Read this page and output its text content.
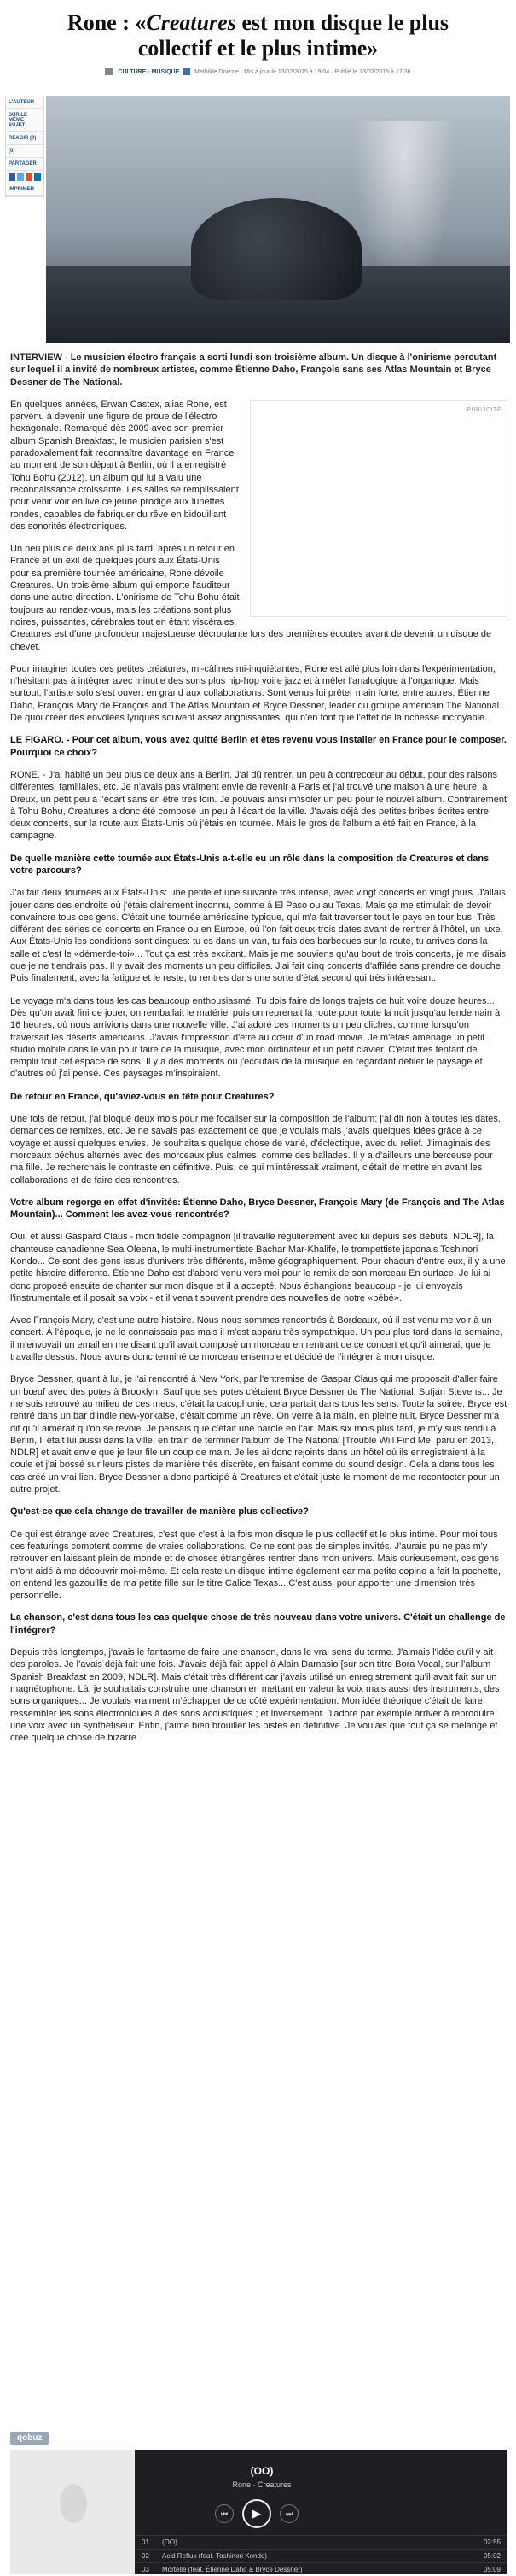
Rone : «Creatures est mon disque le plus collectif et le plus intime»
CULTURE › MUSIQUE	Mathilde Doiezie · Mis à jour le 13/02/2015 à 19:04 · Publié le 13/02/2015 à 17:36
L'AUTEUR
SUR LE MÊME SUJET
RÉAGIR (0)
(0)
PARTAGER
IMPRIMER

INTERVIEW - Le musicien électro français a sorti lundi son troisième album. Un disque à l'onirisme percutant sur lequel il a invité de nombreux artistes, comme Étienne Daho, François sans ses Atlas Mountain et Bryce Dessner de The National.

PUBLICITÉ

En quelques années, Erwan Castex, alias Rone, est parvenu à devenir une figure de proue de l'électro hexagonale. Remarqué dès 2009 avec son premier album Spanish Breakfast, le musicien parisien s'est paradoxalement fait reconnaître davantage en France au moment de son départ à Berlin, où il a enregistré Tohu Bohu (2012), un album qui lui a valu une reconnaissance croissante. Les salles se remplissaient pour venir voir en live ce jeune prodige aux lunettes rondes, capables de fabriquer du rêve en bidouillant des sonorités électroniques.

Un peu plus de deux ans plus tard, après un retour en France et un exil de quelques jours aux États-Unis pour sa première tournée américaine, Rone dévoile Creatures. Un troisième album qui emporte l'auditeur dans une autre direction. L'onirisme de Tohu Bohu était toujours au rendez-vous, mais les créations sont plus noires, puissantes, cérébrales tout en étant viscérales. Creatures est d'une profondeur majestueuse décroutante lors des premières écoutes avant de devenir un disque de chevet.

Pour imaginer toutes ces petites créatures, mi-câlines mi-inquiétantes, Rone est allé plus loin dans l'expérimentation, n'hésitant pas à intégrer avec minutie des sons plus hip-hop voire jazz et à mêler l'analogique à l'organique. Mais surtout, l'artiste solo s'est ouvert en grand aux collaborations. Sont venus lui prêter main forte, entre autres, Étienne Daho, François Mary de François and The Atlas Mountain et Bryce Dessner, leader du groupe américain The National. De quoi créer des envolées lyriques souvent assez angoissantes, qui n'en font que l'effet de la richesse incroyable.

LE FIGARO. - Pour cet album, vous avez quitté Berlin et êtes revenu vous installer en France pour le composer. Pourquoi ce choix?

RONE. - J'ai habité un peu plus de deux ans à Berlin. J'ai dû rentrer, un peu à contrecœur au début, pour des raisons différentes: familiales, etc. Je n'avais pas vraiment envie de revenir à Paris et j'ai trouvé une maison à une heure, à Dreux, un petit peu à l'écart sans en être très loin. Je pouvais ainsi m'isoler un peu pour le nouvel album. Contrairement à Tohu Bohu, Creatures a donc été composé un peu à l'écart de la ville. J'avais déjà des petites bribes écrites entre deux concerts, sur la route aux États-Unis où j'étais en tournée. Mais le gros de l'album a été fait en France, à la campagne.

De quelle manière cette tournée aux États-Unis a-t-elle eu un rôle dans la composition de Creatures et dans votre parcours?

J'ai fait deux tournées aux États-Unis: une petite et une suivante très intense, avec vingt concerts en vingt jours. J'allais jouer dans des endroits où j'étais clairement inconnu, comme à El Paso ou au Texas. Mais ça me stimulait de devoir convaincre tous ces gens. C'était une tournée américaine typique, qui m'a fait traverser tout le pays en tour bus. Très différent des séries de concerts en France ou en Europe, où l'on fait deux-trois dates avant de rentrer à l'hôtel, un luxe. Aux États-Unis les conditions sont dingues: tu es dans un van, tu fais des barbecues sur la route, tu arrives dans la salle et c'est le «démerde-toi»... Tout ça est très excitant. Mais je me souviens qu'au bout de trois concerts, je me disais que je ne tiendrais pas. Il y avait des moments un peu difficiles. J'ai fait cinq concerts d'affilée sans prendre de douche. Puis finalement, avec la fatigue et le reste, tu rentres dans une sorte d'état second qui très intéressant.

Le voyage m'a dans tous les cas beaucoup enthousiasmé. Tu dois faire de longs trajets de huit voire douze heures... Dès qu'on avait fini de jouer, on remballait le matériel puis on reprenait la route pour toute la nuit jusqu'au lendemain à 16 heures, où nous arrivions dans une nouvelle ville. J'ai adoré ces moments un peu clichés, comme lorsqu'on traversait les déserts américains. J'avais l'impression d'être au cœur d'un road movie. Je m'étais aménagé un petit studio mobile dans le van pour faire de la musique, avec mon ordinateur et un petit clavier. C'était très tentant de remplir tout cet espace de sons. Il y a des moments où j'écoutais de la musique en regardant défiler le paysage et d'autres où j'ai pensé. Ces paysages m'inspiraient.

De retour en France, qu'aviez-vous en tête pour Creatures?

Une fois de retour, j'ai bloqué deux mois pour me focaliser sur la composition de l'album: j'ai dit non à toutes les dates, demandes de remixes, etc. Je ne savais pas exactement ce que je voulais mais j'avais quelques idées grâce à ce voyage et aussi quelques envies. Je souhaitais quelque chose de varié, d'éclectique, avec du relief. J'imaginais des morceaux péchus alternés avec des morceaux plus calmes, comme des ballades. Il y a d'ailleurs une berceuse pour ma fille. Je recherchais le contraste en définitive. Puis, ce qui m'intéressait vraiment, c'était de mettre en avant les collaborations et de faire des rencontres.

Votre album regorge en effet d'invités: Étienne Daho, Bryce Dessner, François Mary (de François and The Atlas Mountain)... Comment les avez-vous rencontrés?

Oui, et aussi Gaspard Claus - mon fidèle compagnon [il travaille régulièrement avec lui depuis ses débuts, NDLR], la chanteuse canadienne Sea Oleena, le multi-instrumentiste Bachar Mar-Khalife, le trompettiste japonais Toshinori Kondo... Ce sont des gens issus d'univers très différents, même géographiquement. Pour chacun d'entre eux, il y a une petite histoire différente. Étienne Daho est d'abord venu vers moi pour le remix de son morceau En surface. Je lui ai donc proposé ensuite de chanter sur mon disque et il a accepté. Nous échangions beaucoup - je lui envoyais l'instrumentale et il posait sa voix - et il venait souvent prendre des nouvelles de notre «bébé».

Avec François Mary, c'est une autre histoire. Nous nous sommes rencontrés à Bordeaux, où il est venu me voir à un concert. À l'époque, je ne le connaissais pas mais il m'est apparu très sympathique. Un peu plus tard dans la semaine, il m'envoyait un email en me disant qu'il avait composé un morceau en rentrant de ce concert et qu'il aimerait que je travaille dessus. Nous avons donc terminé ce morceau ensemble et décidé de l'intégrer à mon disque.

Bryce Dessner, quant à lui, je l'ai rencontré à New York, par l'entremise de Gaspar Claus qui me proposait d'aller faire un bœuf avec des potes à Brooklyn. Sauf que ses potes c'étaient Bryce Dessner de The National, Sufjan Stevens... Je me suis retrouvé au milieu de ces mecs, c'était la cacophonie, cela partait dans tous les sens. Toute la soirée, Bryce est rentré dans un bar d'Indie new-yorkaise, c'était comme un rêve. On verre à la main, en pleine nuit, Bryce Dessner m'a dit qu'il aimerait qu'on se revoie. Je pensais que c'était une parole en l'air. Mais six mois plus tard, je m'y suis rendu à Berlin, Il était lui aussi dans la ville, en train de terminer l'album de The National [Trouble Will Find Me, paru en 2013, NDLR] et avait envie que je leur file un coup de main. Je les ai donc rejoints dans un hôtel où ils enregistraient à la coule et j'ai bossé sur leurs pistes de manière très discrète, en faisant comme du sound design. Cela a dans tous les cas créé un vrai lien. Bryce Dessner a donc participé à Creatures et c'était juste le moment de me recontacter pour un autre projet.

Qu'est-ce que cela change de travailler de manière plus collective?

Ce qui est étrange avec Creatures, c'est que c'est à la fois mon disque le plus collectif et le plus intime. Pour moi tous ces featurings comptent comme de vraies collaborations. Ce ne sont pas de simples invités. J'aurais pu ne pas m'y retrouver en laissant plein de monde et de choses étrangères rentrer dans mon univers. Mais curieusement, ces gens m'ont aidé à me découvrir moi-même. Et cela reste un disque intime également car ma petite copine a fait la pochette, on entend les gazouillis de ma petite fille sur le titre Calice Texas... C'est aussi pour apporter une dimension très personnelle.

La chanson, c'est dans tous les cas quelque chose de très nouveau dans votre univers. C'était un challenge de l'intégrer?

Depuis très longtemps, j'avais le fantasme de faire une chanson, dans le vrai sens du terme. J'aimais l'idée qu'il y ait des paroles. Je l'avais déjà fait une fois. J'avais déjà fait appel à Alain Damasio [sur son titre Bora Vocal, sur l'album Spanish Breakfast en 2009, NDLR]. Mais c'était très différent car j'avais utilisé un enregistrement qu'il avait fait sur un magnétophone. Là, je souhaitais construire une chanson en mettant en valeur la voix mais aussi des instruments, des sons organiques... Je voulais vraiment m'échapper de ce côté expérimentation. Mon idée théorique c'était de faire ressembler les sons électroniques à des sons acoustiques ; et inversement. J'adore par exemple arriver à reproduire une voix avec un synthétiseur. Enfin, j'aime bien brouiller les pistes en définitive. Je voulais que tout ça se mélange et crée quelque chose de bizarre.

qobuz
(OO)
Rone · Creatures
⏮	▶	⏭
01	(OO)	02:55
02	Acid Reflux (feat. Toshinori Kondo)	05:02
03	Mortelle (feat. Étienne Daho & Bryce Dessner)	05:09
